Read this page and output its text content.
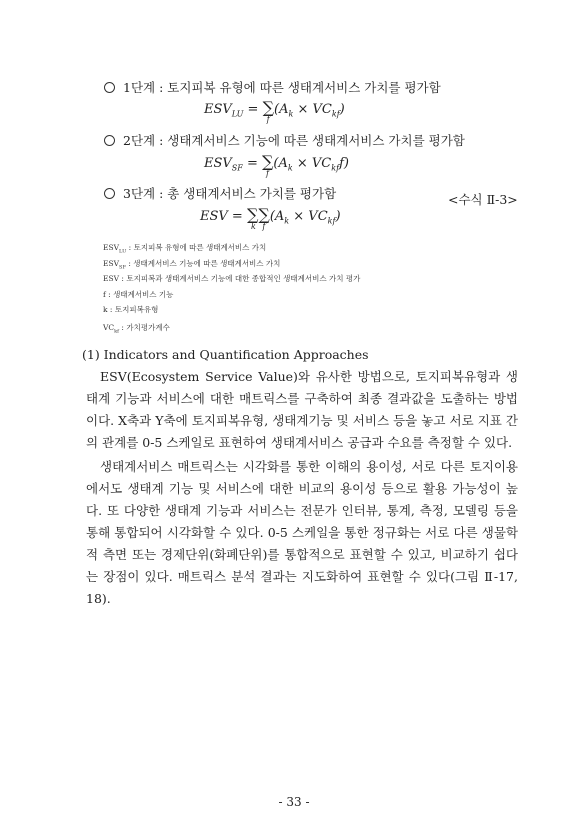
1단계 : 토지피복 유형에 따른 생태계서비스 가치를 평가함
$ESV_{LU}$ = ∑
f
$(A_k \times VC_{kf})$
2단계 : 생태계서비스 기능에 따른 생태계서비스 가치를 평가함
$ESV_{SF}$ = ∑
f
$(A_k \times VC_{kf}f)$
3단계 : 총 생태계서비스 가치를 평가함	<수식 Ⅱ-3>
ESV = ∑
k
∑
f
$(A_k \times VC_{kf})$
$ESV_{LU}$ : 토지피복 유형에 따른 생태계서비스 가치
$ESV_{SF}$ : 생태계서비스 기능에 따른 생태계서비스 가치
ESV : 토지피복과 생태계서비스 기능에 대한 종합적인 생태계서비스 가치 평가
f : 생태계서비스 기능
k : 토지피복유형
$VC_{kf}$ : 가치평가계수
(1) Indicators and Quantification Approaches

ESV(Ecosystem Service Value)와 유사한 방법으로, 토지피복유형과 생태계 기능과 서비스에 대한 매트릭스를 구축하여 최종 결과값을 도출하는 방법이다. X축과 Y축에 토지피복유형, 생태계기능 및 서비스 등을 놓고 서로 지표 간의 관계를 0-5 스케일로 표현하여 생태계서비스 공급과 수요를 측정할 수 있다.

생태계서비스 매트릭스는 시각화를 통한 이해의 용이성, 서로 다른 토지이용에서도 생태계 기능 및 서비스에 대한 비교의 용이성 등으로 활용 가능성이 높다. 또 다양한 생태계 기능과 서비스는 전문가 인터뷰, 통계, 측정, 모델링 등을 통해 통합되어 시각화할 수 있다. 0-5 스케일을 통한 정규화는 서로 다른 생물학적 측면 또는 경제단위(화폐단위)를 통합적으로 표현할 수 있고, 비교하기 쉽다는 장점이 있다. 매트릭스 분석 결과는 지도화하여 표현할 수 있다(그림 Ⅱ-17, 18).

- 33 -
